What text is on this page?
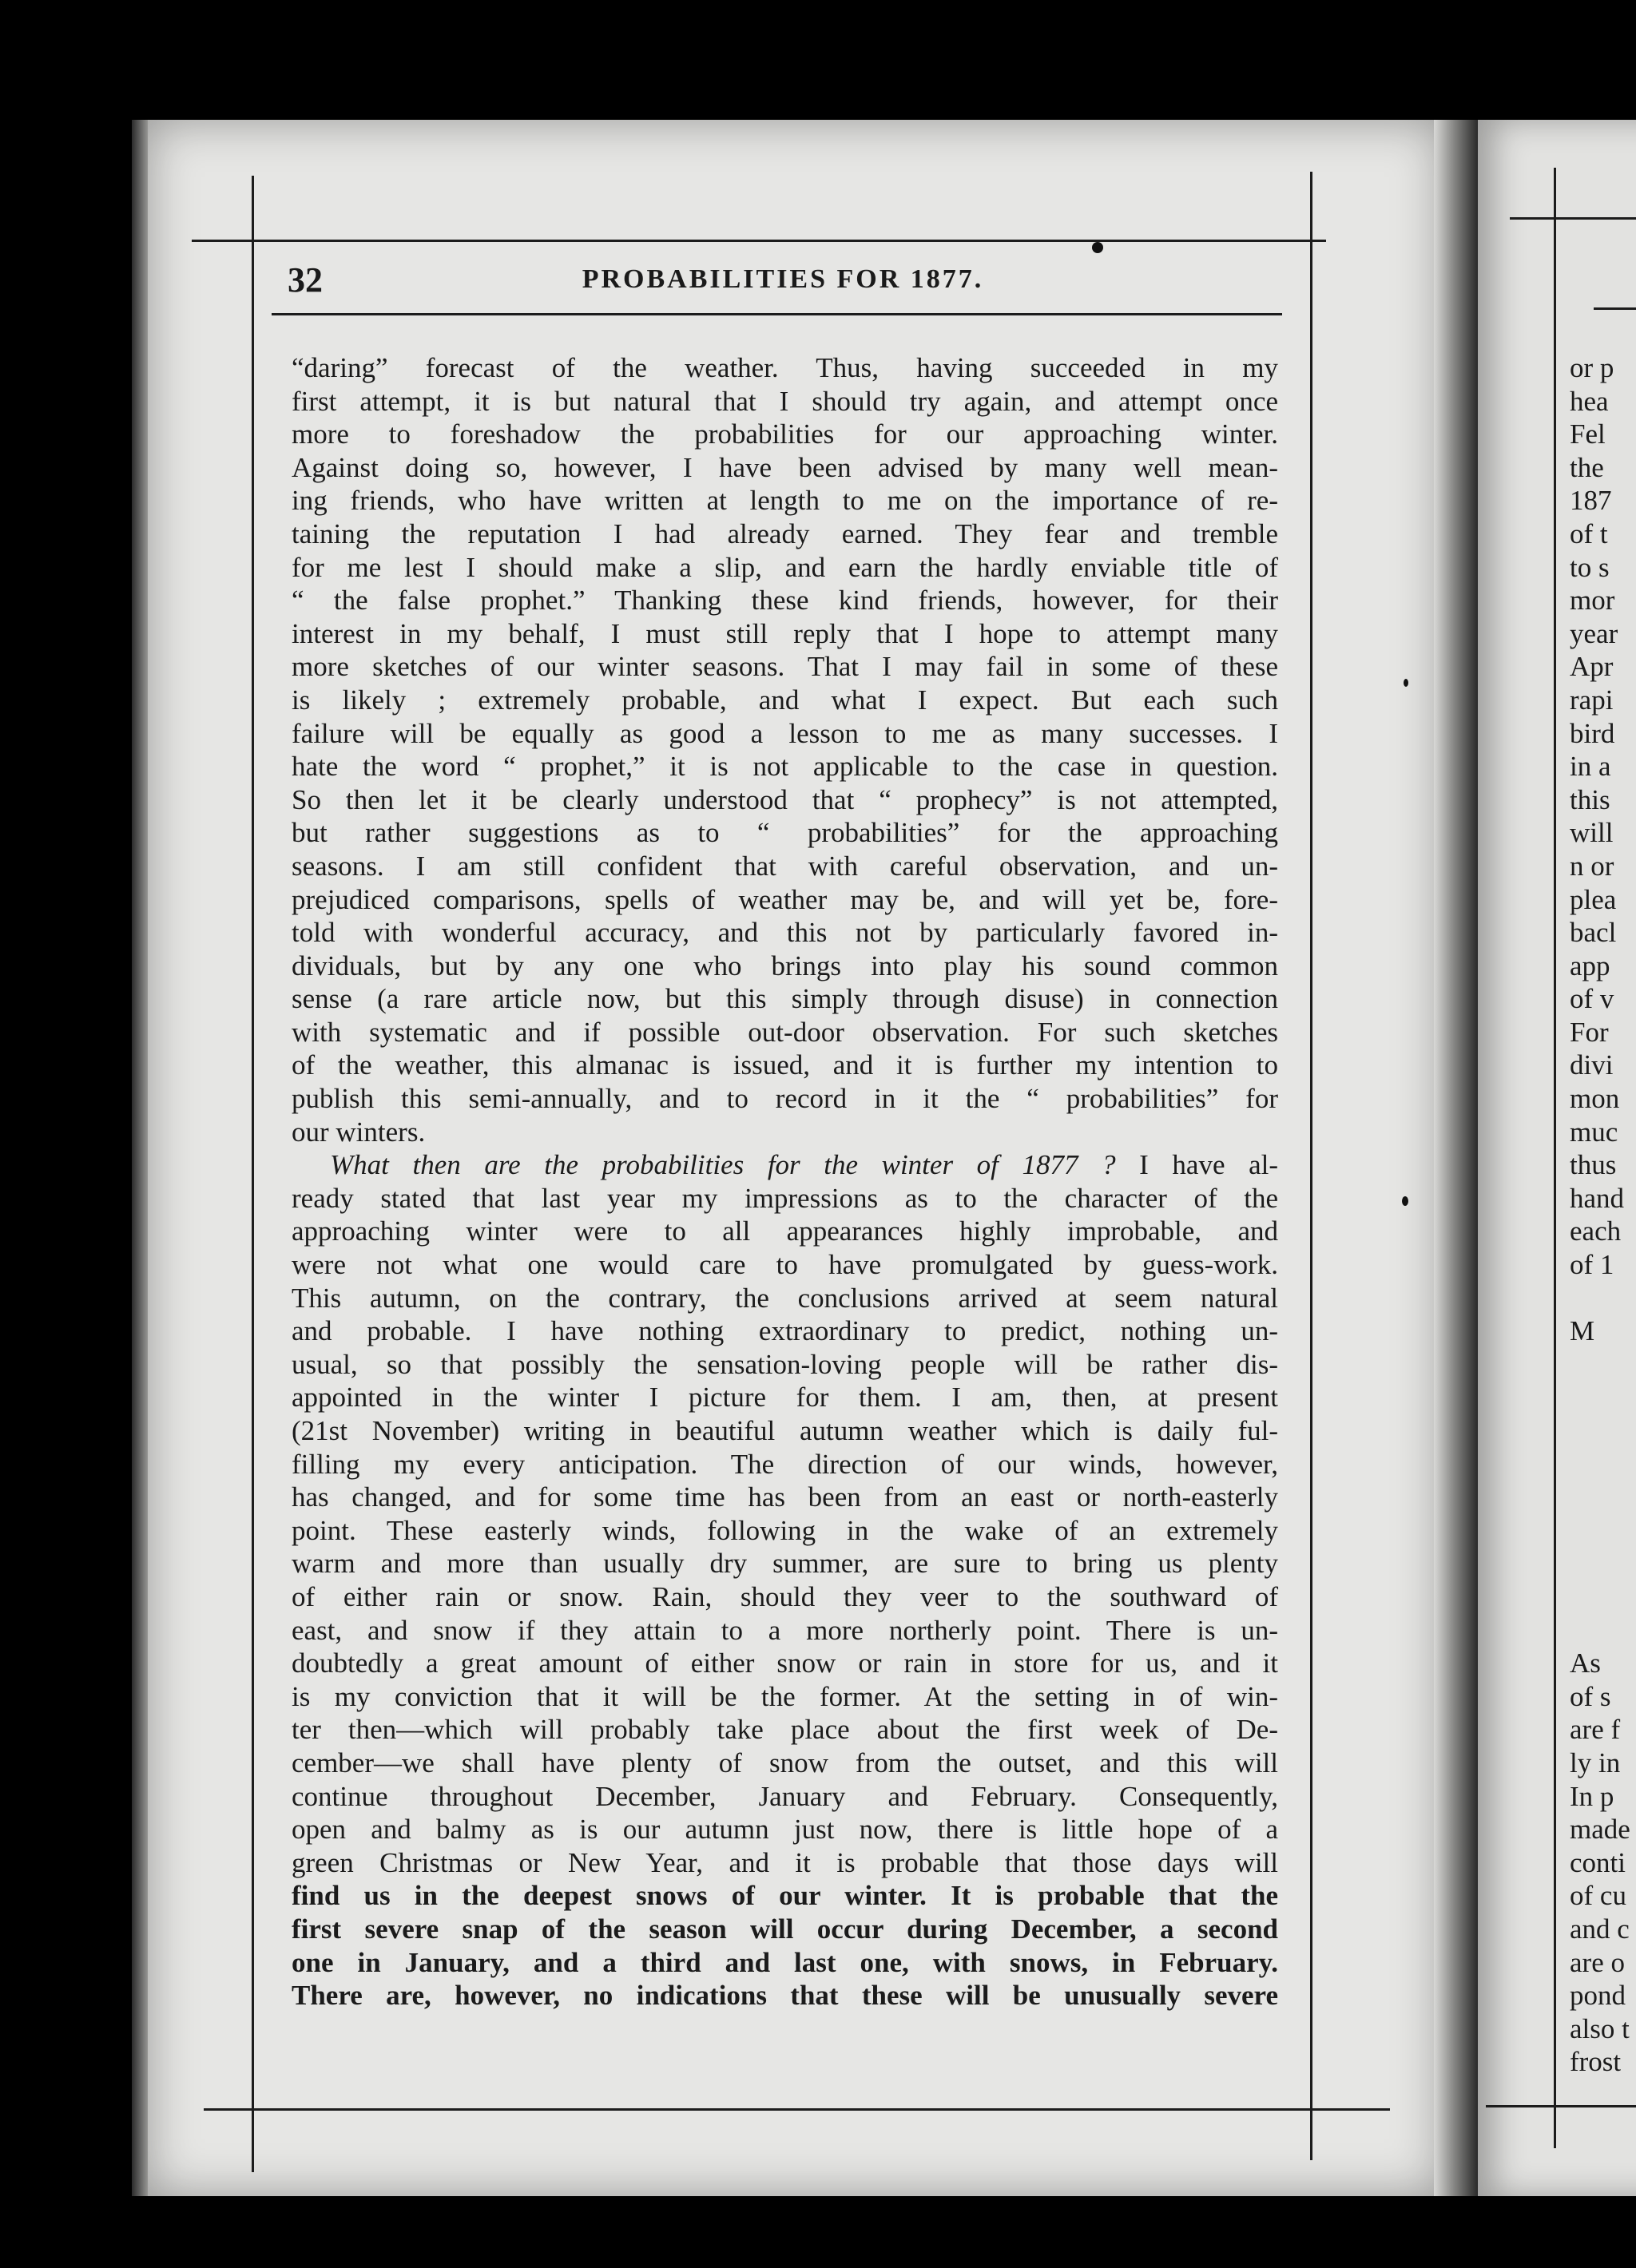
32	PROBABILITIES FOR 1877.
“daring” forecast of the weather. Thus, having succeeded in my
first attempt, it is but natural that I should try again, and attempt once
more to foreshadow the probabilities for our approaching winter.
Against doing so, however, I have been advised by many well mean-
ing friends, who have written at length to me on the importance of re-
taining the reputation I had already earned. They fear and tremble
for me lest I should make a slip, and earn the hardly enviable title of
“ the false prophet.” Thanking these kind friends, however, for their
interest in my behalf, I must still reply that I hope to attempt many
more sketches of our winter seasons. That I may fail in some of these
is likely ; extremely probable, and what I expect. But each such
failure will be equally as good a lesson to me as many successes. I
hate the word “ prophet,” it is not applicable to the case in question.
So then let it be clearly understood that “ prophecy” is not attempted,
but rather suggestions as to “ probabilities” for the approaching
seasons. I am still confident that with careful observation, and un-
prejudiced comparisons, spells of weather may be, and will yet be, fore-
told with wonderful accuracy, and this not by particularly favored in-
dividuals, but by any one who brings into play his sound common
sense (a rare article now, but this simply through disuse) in connection
with systematic and if possible out-door observation. For such sketches
of the weather, this almanac is issued, and it is further my intention to
publish this semi-annually, and to record in it the “ probabilities” for
our winters.
What then are the probabilities for the winter of 1877 ? I have al-
ready stated that last year my impressions as to the character of the
approaching winter were to all appearances highly improbable, and
were not what one would care to have promulgated by guess-work.
This autumn, on the contrary, the conclusions arrived at seem natural
and probable. I have nothing extraordinary to predict, nothing un-
usual, so that possibly the sensation-loving people will be rather dis-
appointed in the winter I picture for them. I am, then, at present
(21st November) writing in beautiful autumn weather which is daily ful-
filling my every anticipation. The direction of our winds, however,
has changed, and for some time has been from an east or north-easterly
point. These easterly winds, following in the wake of an extremely
warm and more than usually dry summer, are sure to bring us plenty
of either rain or snow. Rain, should they veer to the southward of
east, and snow if they attain to a more northerly point. There is un-
doubtedly a great amount of either snow or rain in store for us, and it
is my conviction that it will be the former. At the setting in of win-
ter then—which will probably take place about the first week of De-
cember—we shall have plenty of snow from the outset, and this will
continue throughout December, January and February. Consequently,
open and balmy as is our autumn just now, there is little hope of a
green Christmas or New Year, and it is probable that those days will
find us in the deepest snows of our winter. It is probable that the
first severe snap of the season will occur during December, a second
one in January, and a third and last one, with snows, in February.
There are, however, no indications that these will be unusually severe
or p
hea
Fel
the
187
of t
to s
mor
year
Apr
rapi
bird
in a
this
will
n or
plea
bacl
app
of v
For
divi
mon
muc
thus
hand
each
of 1
M
As
of s
are f
ly in
In p
made
conti
of cu
and c
are o
pond
also t
frost
